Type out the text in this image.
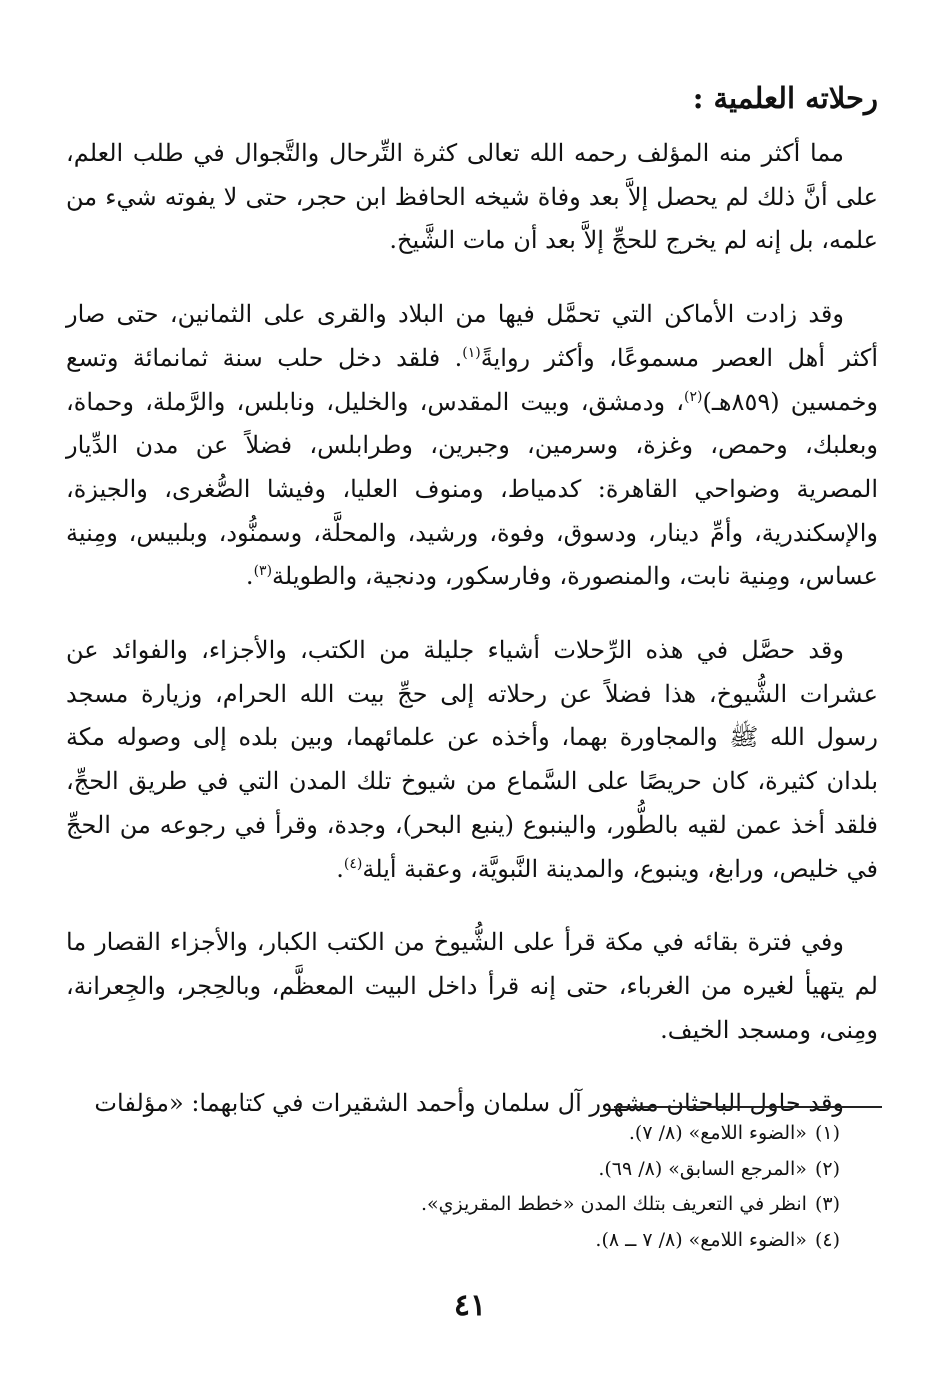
رحلاته العلمية :

مما أكثر منه المؤلف رحمه الله تعالى كثرة التِّرحال والتَّجوال في طلب العلم، على أنَّ ذلك لم يحصل إلاَّ بعد وفاة شيخه الحافظ ابن حجر، حتى لا يفوته شيء من علمه، بل إنه لم يخرج للحجِّ إلاَّ بعد أن مات الشَّيخ.

وقد زادت الأماكن التي تحمَّل فيها من البلاد والقرى على الثمانين، حتى صار أكثر أهل العصر مسموعًا، وأكثر روايةً$^{(١)}$. فلقد دخل حلب سنة ثمانمائة وتسع وخمسين (٨٥٩هـ)$^{(٢)}$، ودمشق، وبيت المقدس، والخليل، ونابلس، والرَّملة، وحماة، وبعلبك، وحمص، وغزة، وسرمين، وجبرين، وطرابلس، فضلاً عن مدن الدِّيار المصرية وضواحي القاهرة: كدمياط، ومنوف العليا، وفيشا الصُّغرى، والجيزة، والإسكندرية، وأمِّ دينار، ودسوق، وفوة، ورشيد، والمحلَّة، وسمنُّود، وبلبيس، ومِنية عساس، ومِنية نابت، والمنصورة، وفارسكور، ودنجية، والطويلة$^{(٣)}$.

وقد حصَّل في هذه الرِّحلات أشياء جليلة من الكتب، والأجزاء، والفوائد عن عشرات الشُّيوخ، هذا فضلاً عن رحلاته إلى حجِّ بيت الله الحرام، وزيارة مسجد رسول الله ﷺ والمجاورة بهما، وأخذه عن علمائهما، وبين بلده إلى وصوله مكة بلدان كثيرة، كان حريصًا على السَّماع من شيوخ تلك المدن التي في طريق الحجِّ، فلقد أخذ عمن لقيه بالطُّور، والينبوع (ينبع البحر)، وجدة، وقرأ في رجوعه من الحجِّ في خليص، ورابغ، وينبوع، والمدينة النَّبويَّة، وعقبة أيلة$^{(٤)}$.

وفي فترة بقائه في مكة قرأ على الشُّيوخ من الكتب الكبار، والأجزاء القصار ما لم يتهيأ لغيره من الغرباء، حتى إنه قرأ داخل البيت المعظَّم، وبالحِجر، والجِعرانة، ومِنى، ومسجد الخيف.

وقد حاول الباحثان مشهور آل سلمان وأحمد الشقيرات في كتابهما: «مؤلفات

(١)«الضوء اللامع» (٨/ ٧).
(٢)«المرجع السابق» (٨/ ٦٩).
(٣)انظر في التعريف بتلك المدن «خطط المقريزي».
(٤)«الضوء اللامع» (٨/ ٧ ــ ٨).
٤١
